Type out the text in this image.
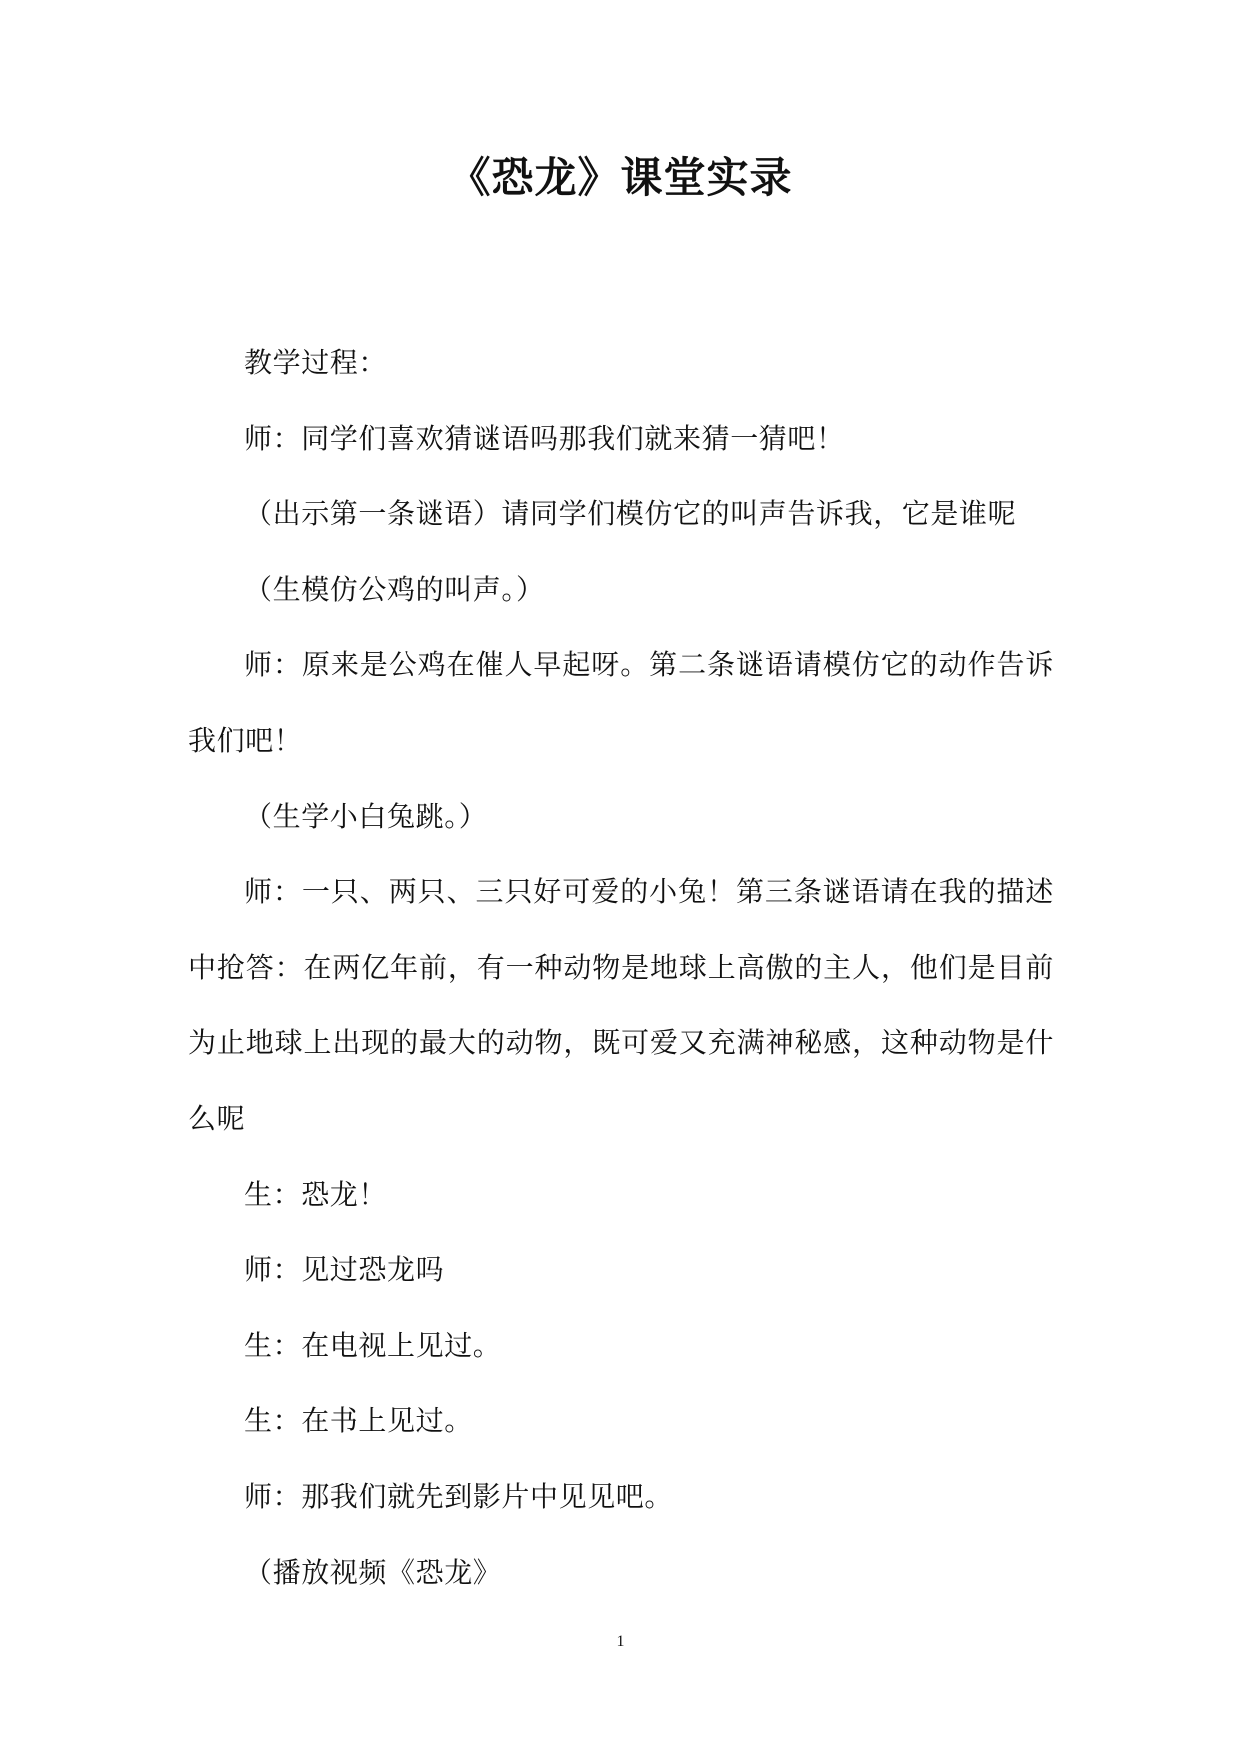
《恐龙》课堂实录

教学过程：

师：同学们喜欢猜谜语吗那我们就来猜一猜吧！

（出示第一条谜语）请同学们模仿它的叫声告诉我，它是谁呢

（生模仿公鸡的叫声。）

师：原来是公鸡在催人早起呀。第二条谜语请模仿它的动作告诉我们吧！

（生学小白兔跳。）

师：一只、两只、三只好可爱的小兔！第三条谜语请在我的描述中抢答：在两亿年前，有一种动物是地球上高傲的主人，他们是目前为止地球上出现的最大的动物，既可爱又充满神秘感，这种动物是什么呢

生：恐龙！

师：见过恐龙吗

生：在电视上见过。

生：在书上见过。

师：那我们就先到影片中见见吧。

（播放视频《恐龙》

1
